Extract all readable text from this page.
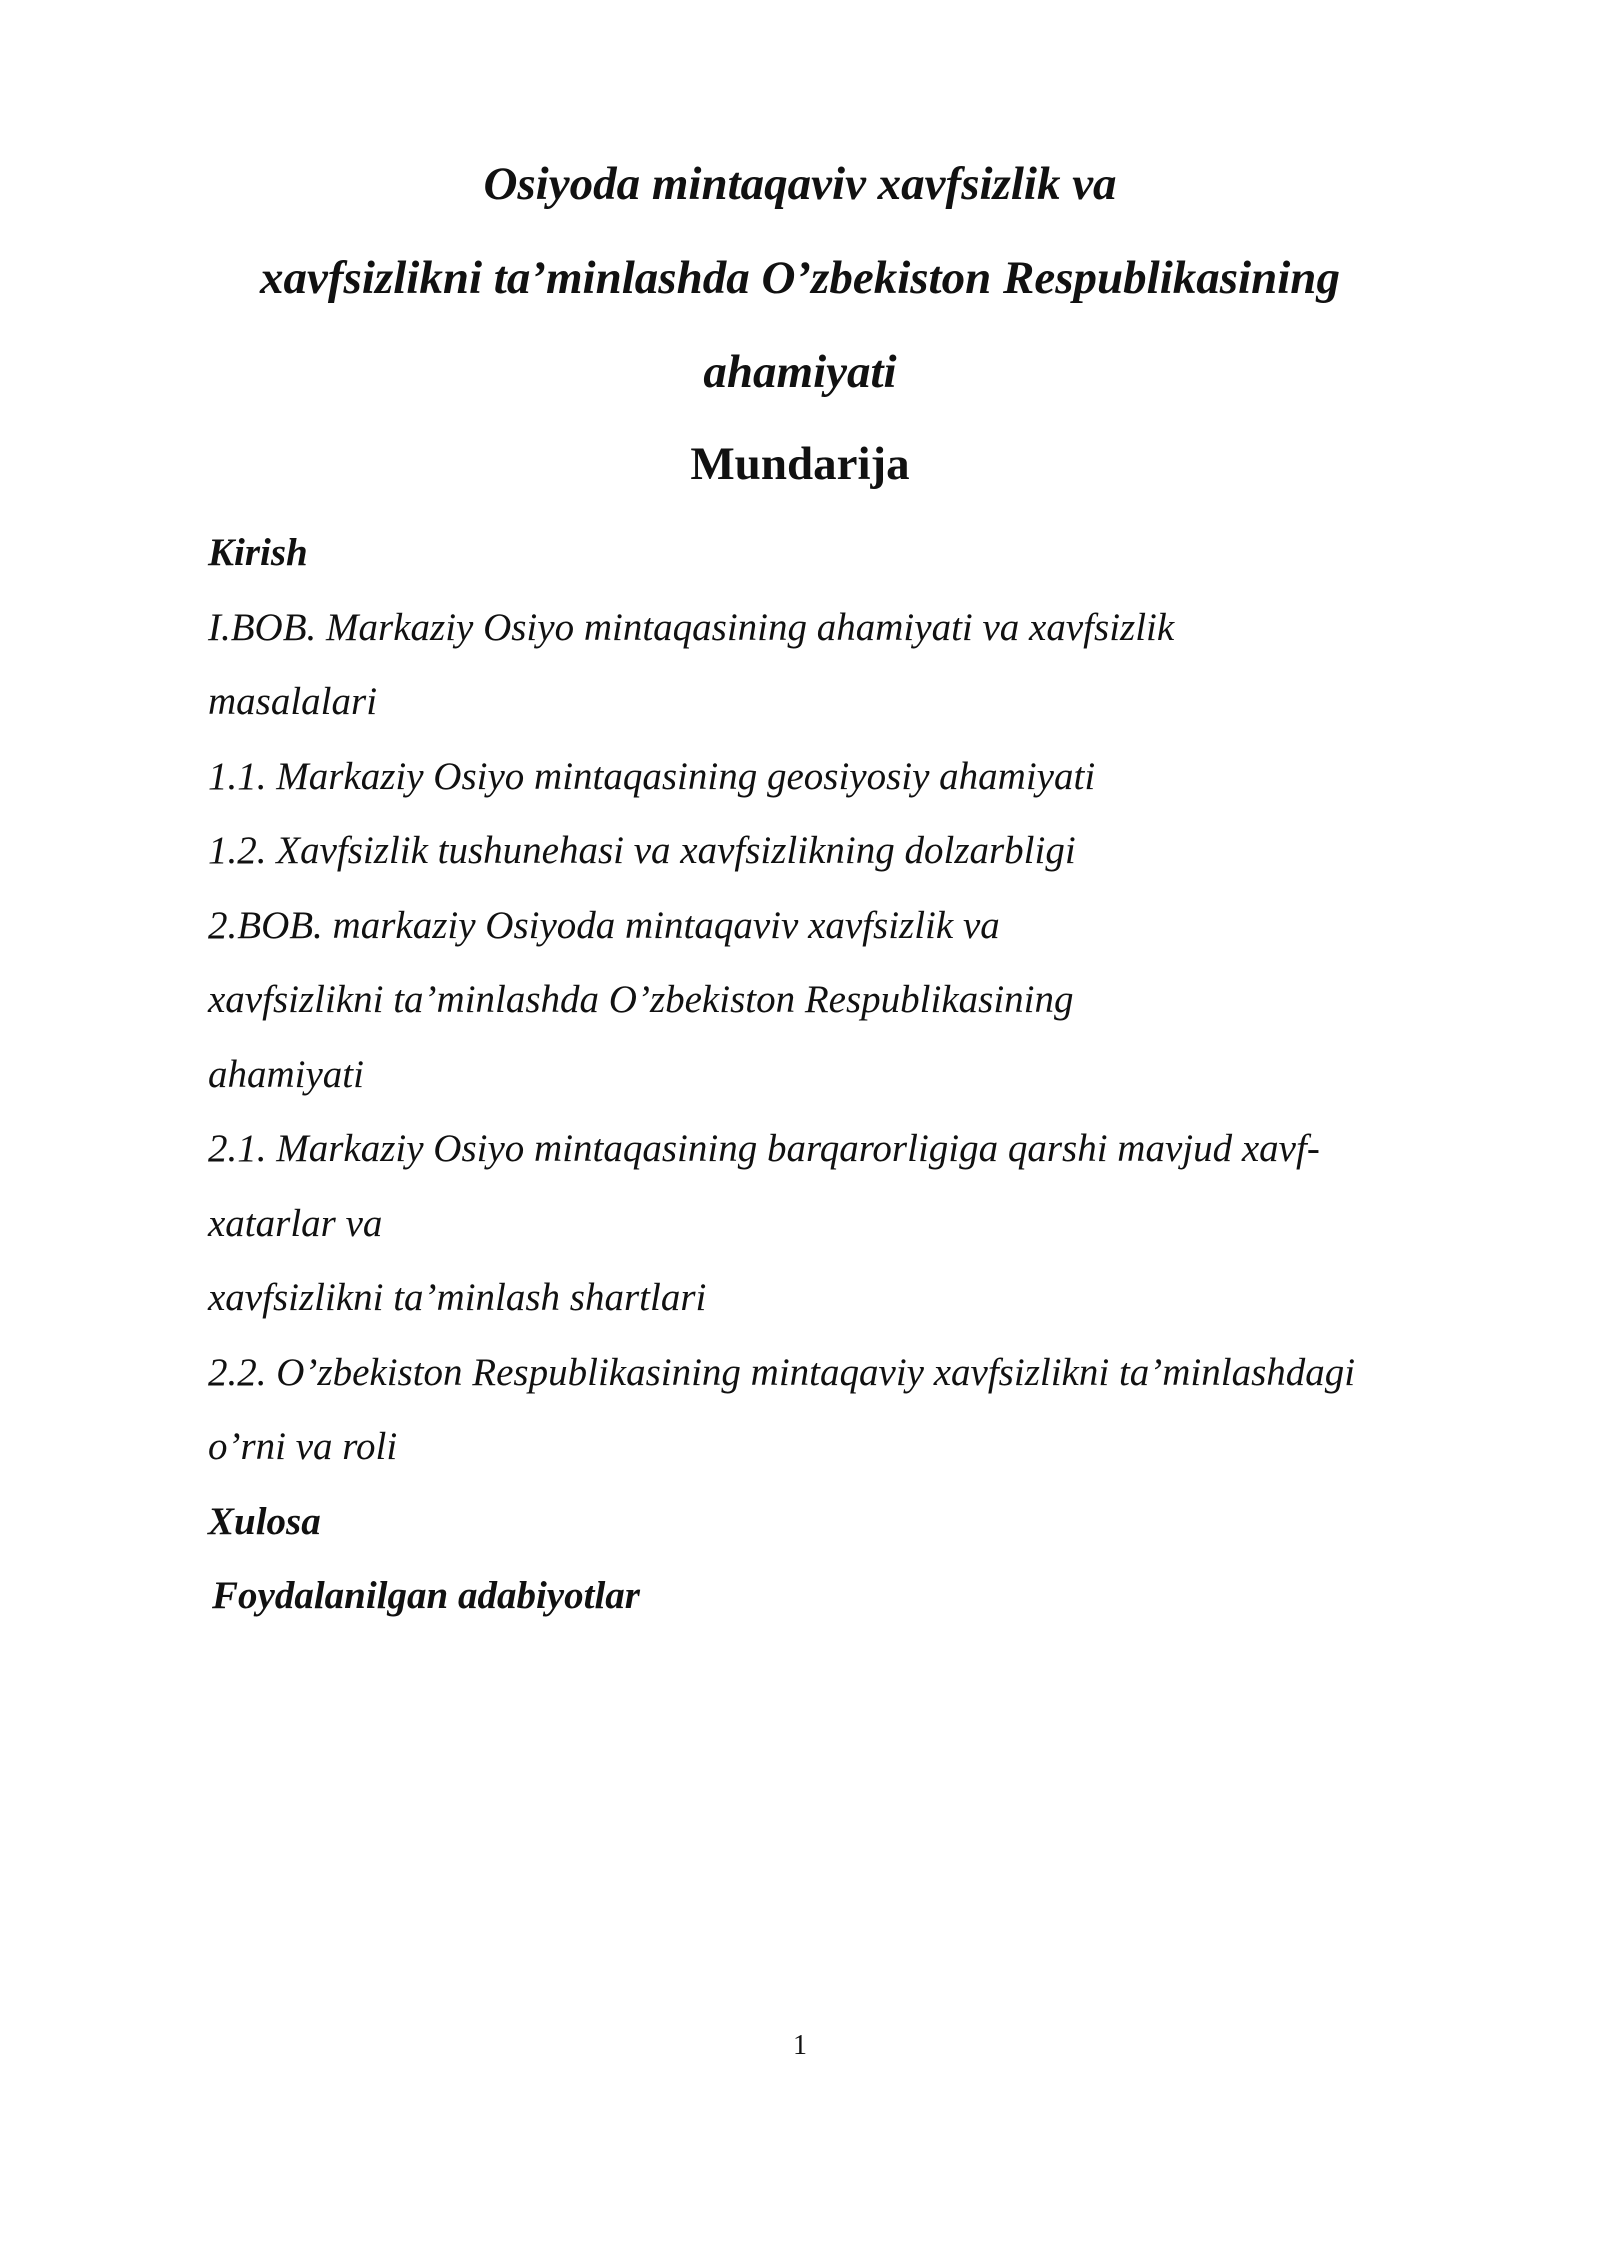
Osiyoda mintaqaviv xavfsizlik va
xavfsizlikni ta’minlashda O’zbekiston Respublikasining
ahamiyati
Mundarija
Kirish
I.BOB. Markaziy Osiyo mintaqasining ahamiyati va xavfsizlik
masalalari
1.1. Markaziy Osiyo mintaqasining geosiyosiy ahamiyati
1.2. Xavfsizlik tushunehasi va xavfsizlikning dolzarbligi
2.BOB. markaziy Osiyoda mintaqaviv xavfsizlik va
xavfsizlikni ta’minlashda O’zbekiston Respublikasining
ahamiyati
2.1. Markaziy Osiyo mintaqasining barqarorligiga qarshi mavjud xavf-
xatarlar va
xavfsizlikni ta’minlash shartlari
2.2. O’zbekiston Respublikasining mintaqaviy xavfsizlikni ta’minlashdagi
o’rni va roli
Xulosa
Foydalanilgan adabiyotlar
1
